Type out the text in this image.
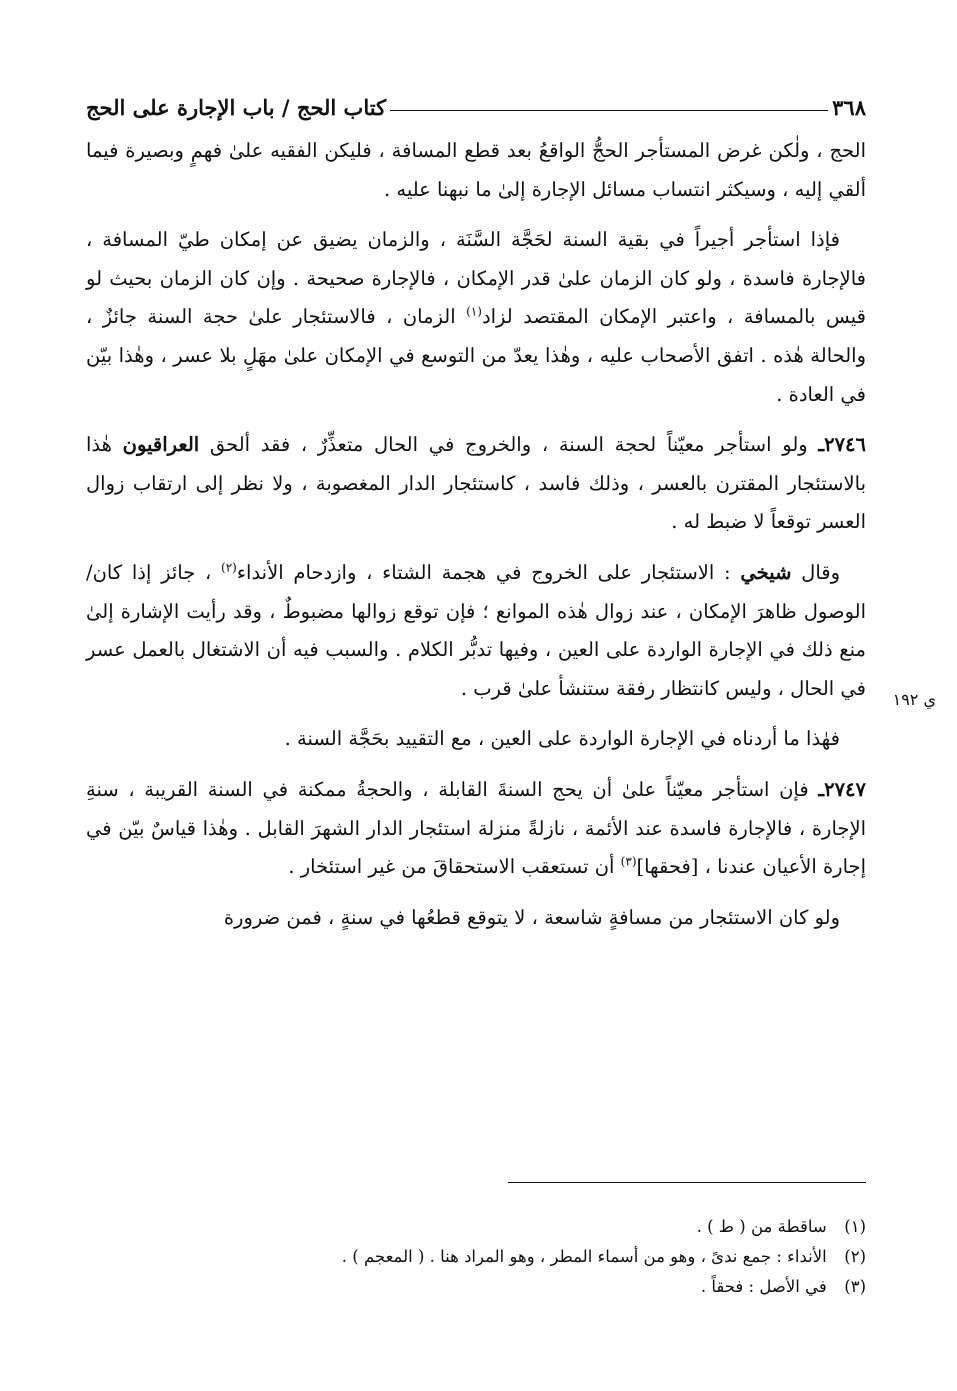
٣٦٨
كتاب الحج / باب الإجارة على الحج
ي ١٩٢

الحج ، ولٰكن غرض المستأجر الحجُّ الواقعُ بعد قطع المسافة ، فليكن الفقيه علىٰ فهمٍ وبصيرة فيما ألقي إليه ، وسيكثر انتساب مسائل الإجارة إلىٰ ما نبهنا عليه .

فإذا استأجر أجيراً في بقية السنة لحَجَّة السَّنَة ، والزمان يضيق عن إمكان طيّ المسافة ، فالإجارة فاسدة ، ولو كان الزمان علىٰ قدر الإمكان ، فالإجارة صحيحة . وإن كان الزمان بحيث لو قيس بالمسافة ، واعتبر الإمكان المقتصد لزاد$^{(١)}$ الزمان ، فالاستئجار علىٰ حجة السنة جائزٌ ، والحالة هٰذه . اتفق الأصحاب عليه ، وهٰذا يعدّ من التوسع في الإمكان علىٰ مهَلٍ بلا عسر ، وهٰذا بيّن في العادة .

٢٧٤٦ـ ولو استأجر معيّناً لحجة السنة ، والخروج في الحال متعذِّرٌ ، فقد ألحق العراقيون هٰذا بالاستئجار المقترن بالعسر ، وذلك فاسد ، كاستئجار الدار المغصوبة ، ولا نظر إلى ارتقاب زوال العسر توقعاً لا ضبط له .

وقال شيخي : الاستئجار على الخروج في هجمة الشتاء ، وازدحام الأنداء$^{(٢)}$ ، جائز إذا كان/ الوصول ظاهرَ الإمكان ، عند زوال هٰذه الموانع ؛ فإن توقع زوالها مضبوطٌ ، وقد رأيت الإشارة إلىٰ منع ذلك في الإجارة الواردة على العين ، وفيها تدبُّر الكلام . والسبب فيه أن الاشتغال بالعمل عسر في الحال ، وليس كانتظار رفقة ستنشأ علىٰ قرب .

فهٰذا ما أردناه في الإجارة الواردة على العين ، مع التقييد بحَجَّة السنة .

٢٧٤٧ـ فإن استأجر معيّناً علىٰ أن يحج السنةَ القابلة ، والحجةُ ممكنة في السنة القريبة ، سنةِ الإجارة ، فالإجارة فاسدة عند الأئمة ، نازلةً منزلة استئجار الدار الشهرَ القابل . وهٰذا قياسٌ بيّن في إجارة الأعيان عندنا ، [فحقها]$^{(٣)}$ أن تستعقب الاستحقاقَ من غير استئخار .

ولو كان الاستئجار من مسافةٍ شاسعة ، لا يتوقع قطعُها في سنةٍ ، فمن ضرورة

(١) ساقطة من ( ط ) .
(٢) الأنداء : جمع ندىً ، وهو من أسماء المطر ، وهو المراد هنا . ( المعجم ) .
(٣) في الأصل : فحقاً .
